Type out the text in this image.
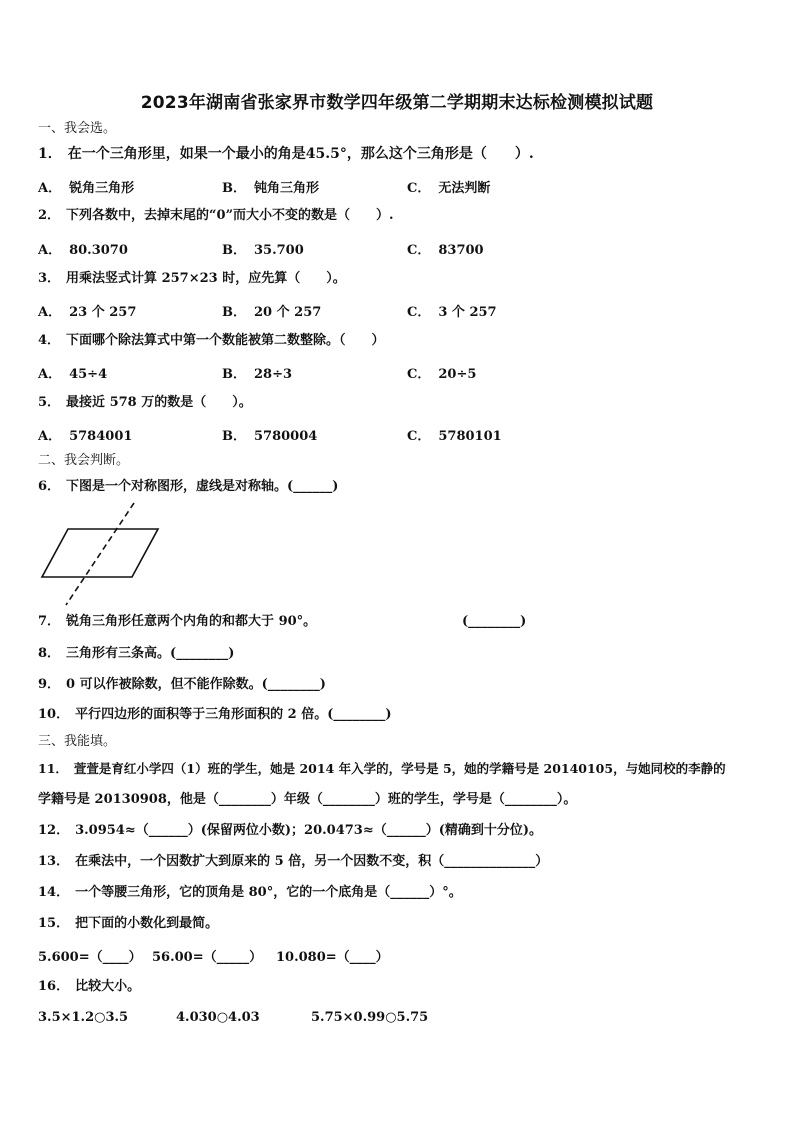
2023年湖南省张家界市数学四年级第二学期期末达标检测模拟试题
一、我会选。
1． 在一个三角形里，如果一个最小的角是45.5°，那么这个三角形是（　　）.
A． 锐角三角形	B． 钝角三角形	C． 无法判断
2． 下列各数中，去掉末尾的“0”而大小不变的数是（　　）.
A． 80.3070	B． 35.700	C． 83700
3． 用乘法竖式计算 257×23 时，应先算（　　）。
A． 23 个 257	B． 20 个 257	C． 3 个 257
4． 下面哪个除法算式中第一个数能被第二数整除。（　　）
A． 45÷4	B． 28÷3	C． 20÷5
5． 最接近 578 万的数是（　　）。
A． 5784001	B． 5780004	C． 5780101
二、我会判断。
6． 下图是一个对称图形，虚线是对称轴。(______)
7． 锐角三角形任意两个内角的和都大于 90°。	(________)
8． 三角形有三条高。(________)
9． 0 可以作被除数，但不能作除数。(________)
10． 平行四边形的面积等于三角形面积的 2 倍。(________)
三、我能填。
11． 萱萱是育红小学四（1）班的学生，她是 2014 年入学的，学号是 5，她的学籍号是 20140105，与她同校的李静的
学籍号是 20130908，他是（________）年级（________）班的学生，学号是（________）。
12． 3.0954≈（______）(保留两位小数)；20.0473≈（______）(精确到十分位)。
13． 在乘法中，一个因数扩大到原来的 5 倍，另一个因数不变，积（______________）
14． 一个等腰三角形，它的顶角是 80°，它的一个底角是（______）°。
15． 把下面的小数化到最简。
5.600=（____） 56.00=（_____） 10.080=（____）
16． 比较大小。
3.5×1.2○3.5	4.030○4.03	5.75×0.99○5.75
